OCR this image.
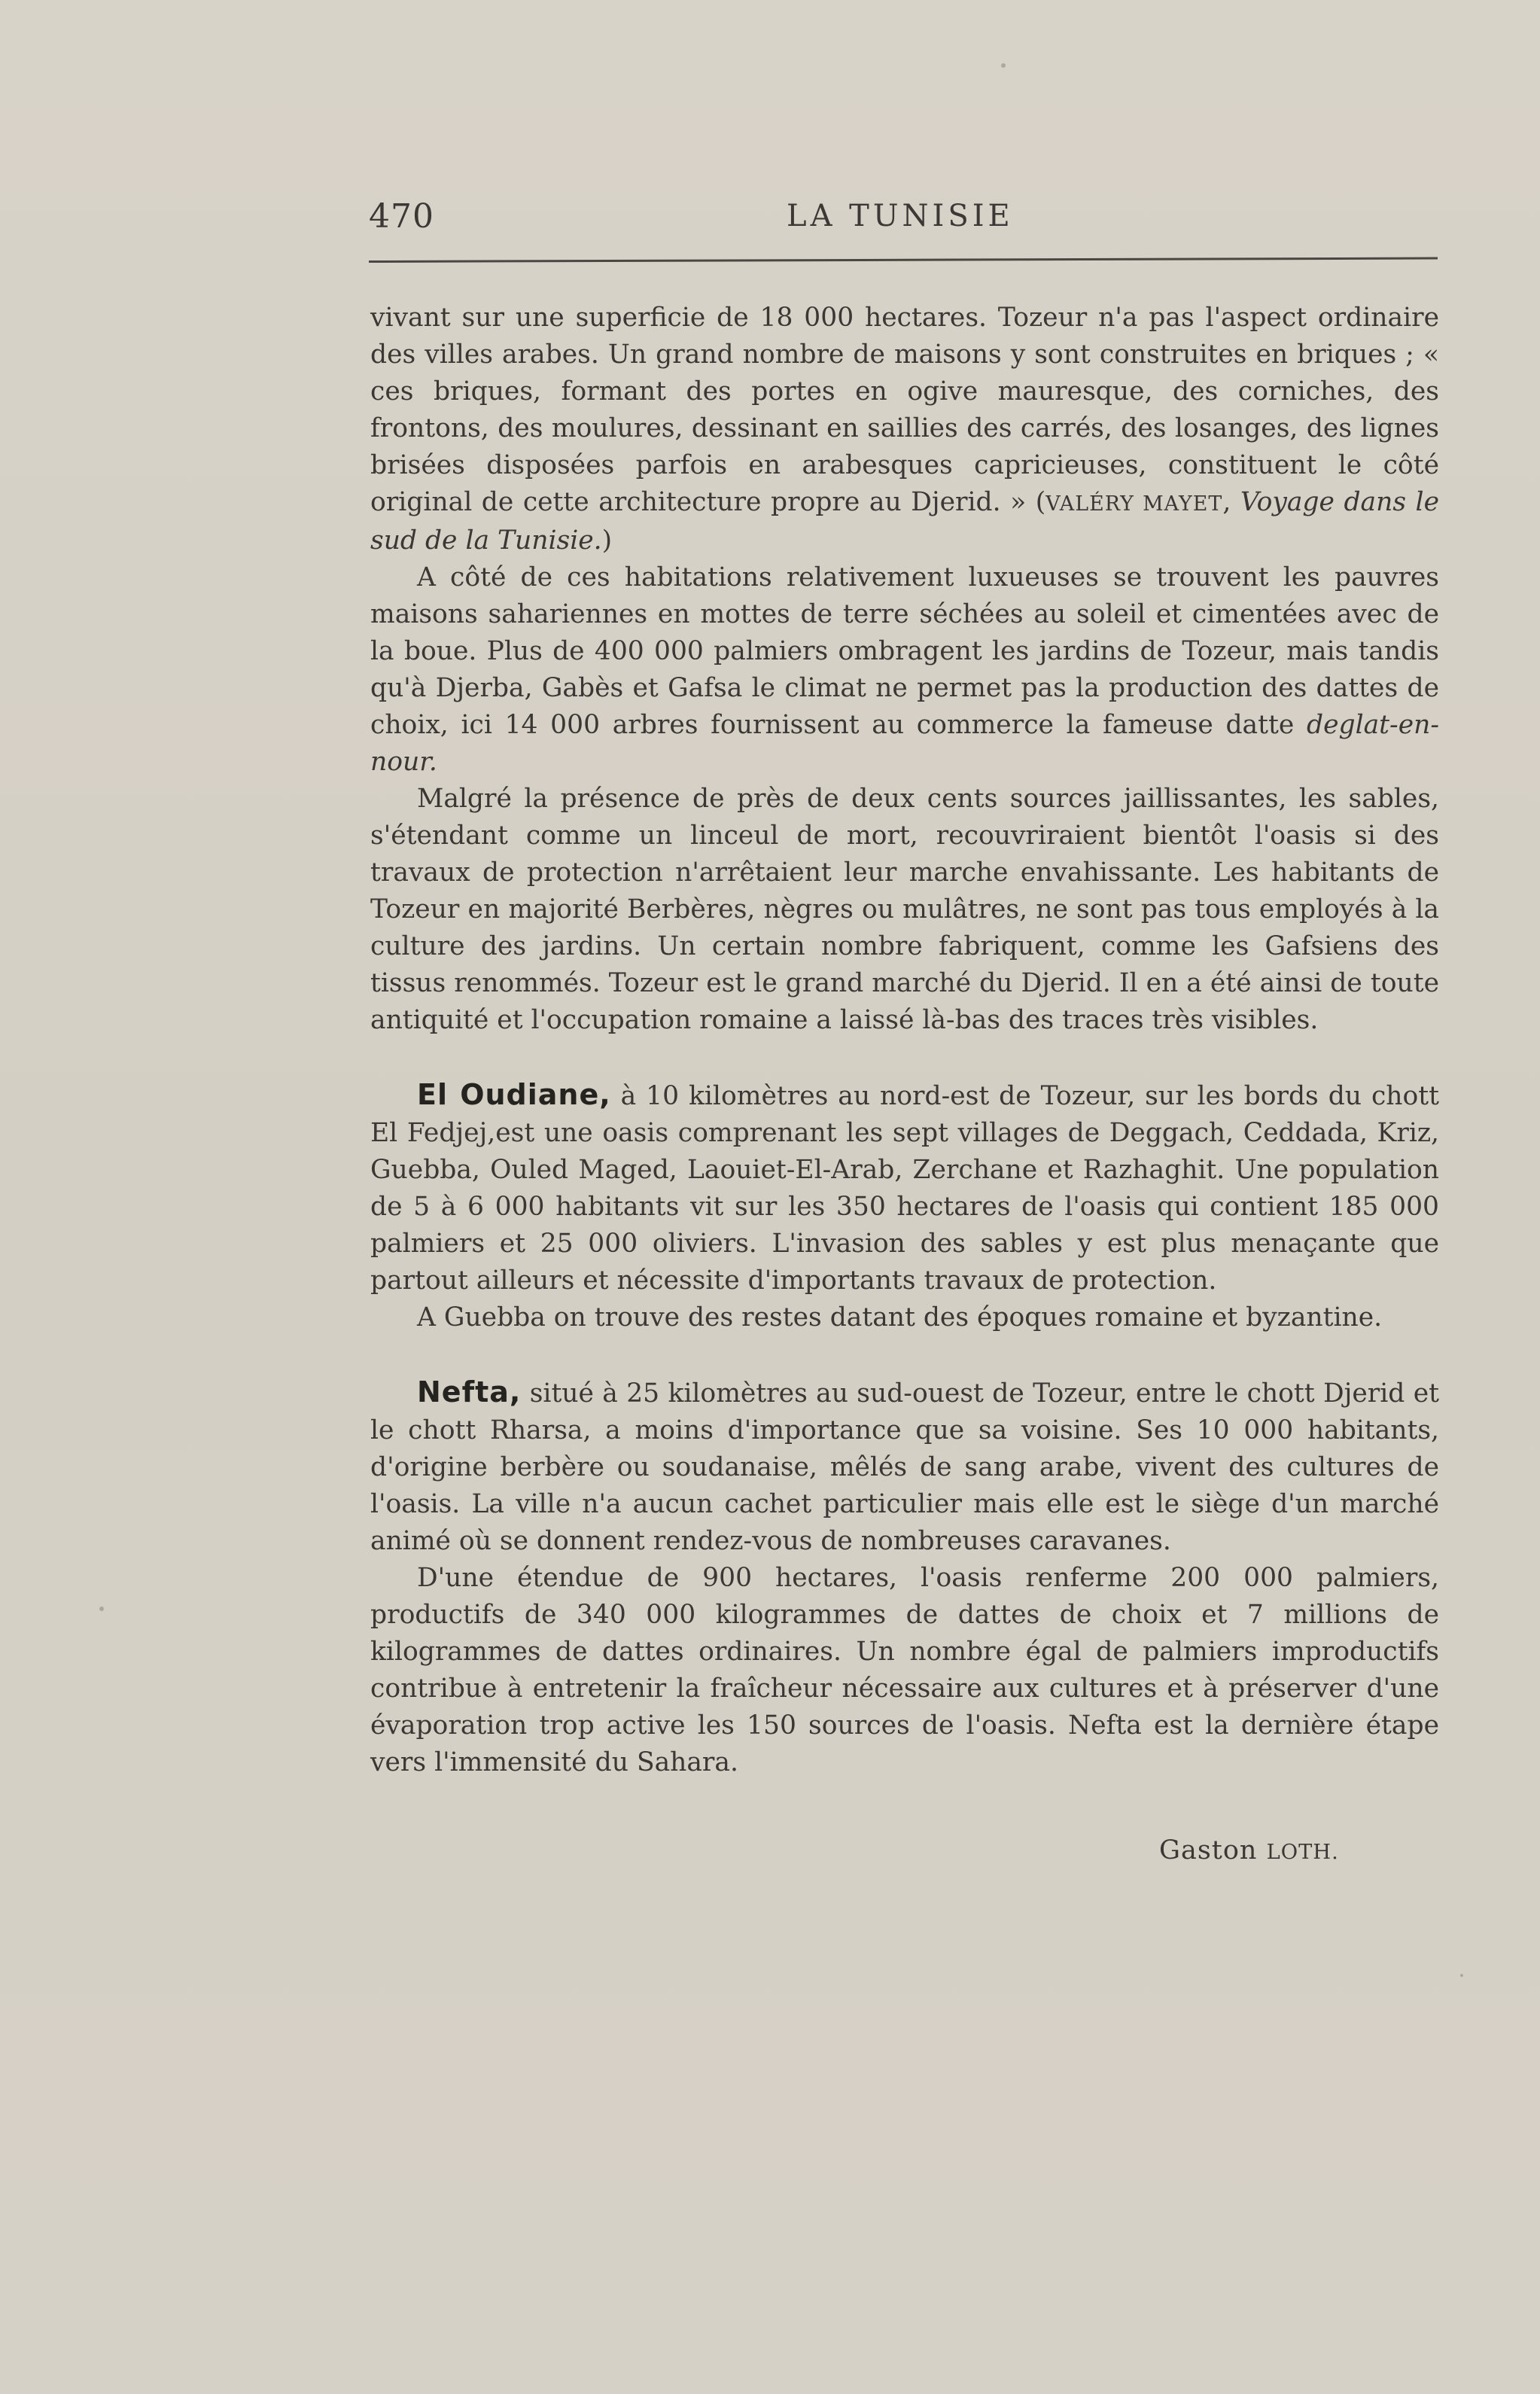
470	LA TUNISIE

vivant sur une superficie de 18 000 hectares. Tozeur n'a pas l'aspect ordinaire des villes arabes. Un grand nombre de maisons y sont construites en briques ; « ces briques, formant des portes en ogive mauresque, des corniches, des frontons, des moulures, dessinant en saillies des carrés, des losanges, des lignes brisées disposées parfois en arabesques capricieuses, constituent le côté original de cette architecture propre au Djerid. » (VALÉRY MAYET, Voyage dans le sud de la Tunisie.)

A côté de ces habitations relativement luxueuses se trouvent les pauvres maisons sahariennes en mottes de terre séchées au soleil et cimentées avec de la boue. Plus de 400 000 palmiers ombragent les jardins de Tozeur, mais tandis qu'à Djerba, Gabès et Gafsa le climat ne permet pas la production des dattes de choix, ici 14 000 arbres fournissent au commerce la fameuse datte deglat-en-nour.

Malgré la présence de près de deux cents sources jaillissantes, les sables, s'étendant comme un linceul de mort, recouvriraient bientôt l'oasis si des travaux de protection n'arrêtaient leur marche envahissante. Les habitants de Tozeur en majorité Berbères, nègres ou mulâtres, ne sont pas tous employés à la culture des jardins. Un certain nombre fabriquent, comme les Gafsiens des tissus renommés. Tozeur est le grand marché du Djerid. Il en a été ainsi de toute antiquité et l'occupation romaine a laissé là-bas des traces très visibles.

El Oudiane, à 10 kilomètres au nord-est de Tozeur, sur les bords du chott El Fedjej,est une oasis comprenant les sept villages de Deggach, Ceddada, Kriz, Guebba, Ouled Maged, Laouiet-El-Arab, Zerchane et Razhaghit. Une population de 5 à 6 000 habitants vit sur les 350 hectares de l'oasis qui contient 185 000 palmiers et 25 000 oliviers. L'invasion des sables y est plus menaçante que partout ailleurs et nécessite d'importants travaux de protection.

A Guebba on trouve des restes datant des époques romaine et byzantine.

Nefta, situé à 25 kilomètres au sud-ouest de Tozeur, entre le chott Djerid et le chott Rharsa, a moins d'importance que sa voisine. Ses 10 000 habitants, d'origine berbère ou soudanaise, mêlés de sang arabe, vivent des cultures de l'oasis. La ville n'a aucun cachet particulier mais elle est le siège d'un marché animé où se donnent rendez-vous de nombreuses caravanes.

D'une étendue de 900 hectares, l'oasis renferme 200 000 palmiers, productifs de 340 000 kilogrammes de dattes de choix et 7 millions de kilogrammes de dattes ordinaires. Un nombre égal de palmiers improductifs contribue à entretenir la fraîcheur nécessaire aux cultures et à préserver d'une évaporation trop active les 150 sources de l'oasis. Nefta est la dernière étape vers l'immensité du Sahara.

Gaston LOTH.
